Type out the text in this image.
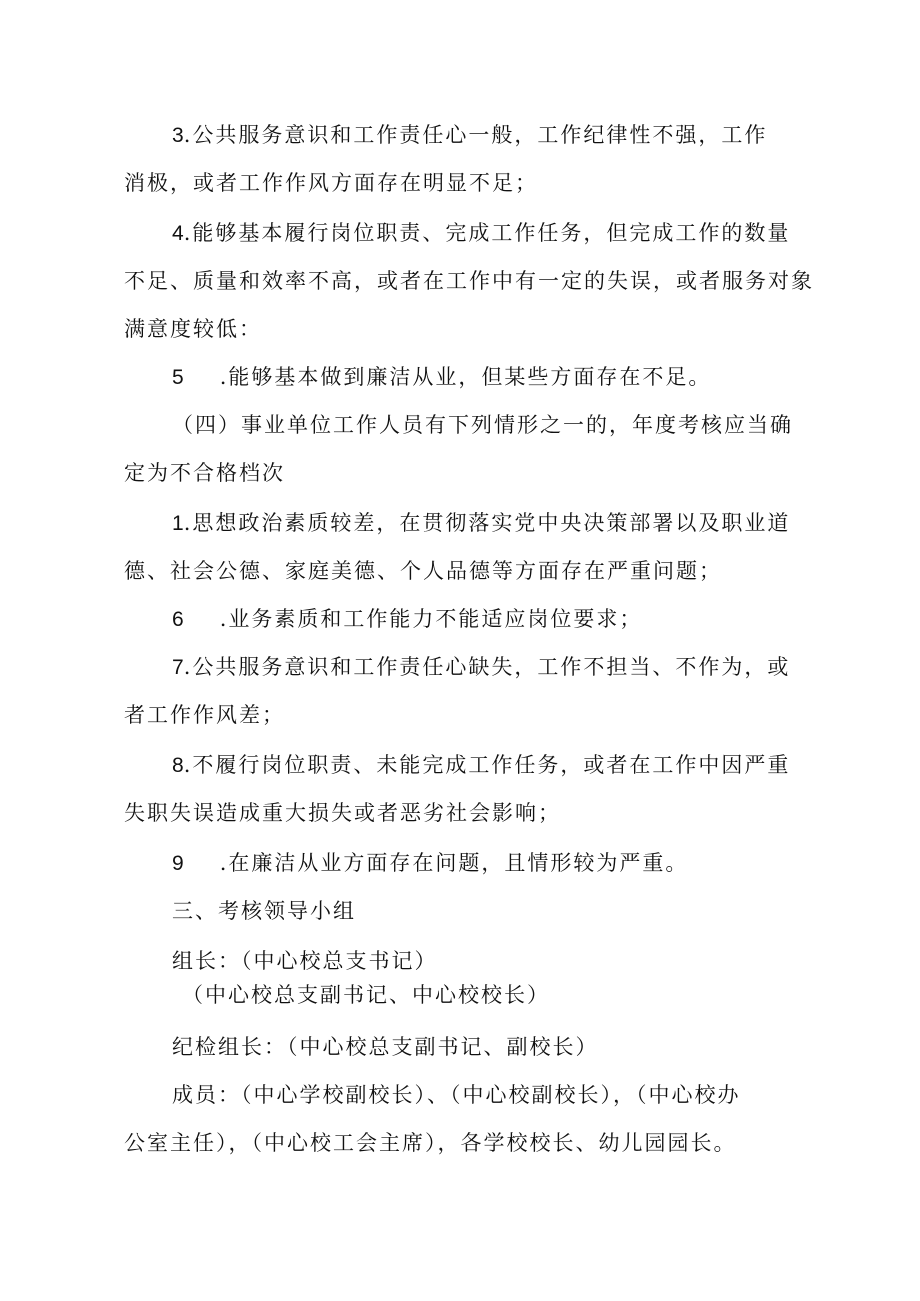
3.公共服务意识和工作责任心一般，工作纪律性不强，工作
消极，或者工作作风方面存在明显不足；
4.能够基本履行岗位职责、完成工作任务，但完成工作的数量
不足、质量和效率不高，或者在工作中有一定的失误，或者服务对象
满意度较低：
5 .能够基本做到廉洁从业，但某些方面存在不足。
（四）事业单位工作人员有下列情形之一的，年度考核应当确
定为不合格档次
1.思想政治素质较差，在贯彻落实党中央决策部署以及职业道
德、社会公德、家庭美德、个人品德等方面存在严重问题；
6 .业务素质和工作能力不能适应岗位要求；
7.公共服务意识和工作责任心缺失，工作不担当、不作为，或
者工作作风差；
8.不履行岗位职责、未能完成工作任务，或者在工作中因严重
失职失误造成重大损失或者恶劣社会影响；
9 .在廉洁从业方面存在问题，且情形较为严重。
三、考核领导小组
组长：（中心校总支书记）
（中心校总支副书记、中心校校长）
纪检组长：（中心校总支副书记、副校长）
成员：（中心学校副校长）、（中心校副校长），（中心校办
公室主任），（中心校工会主席），各学校校长、幼儿园园长。
